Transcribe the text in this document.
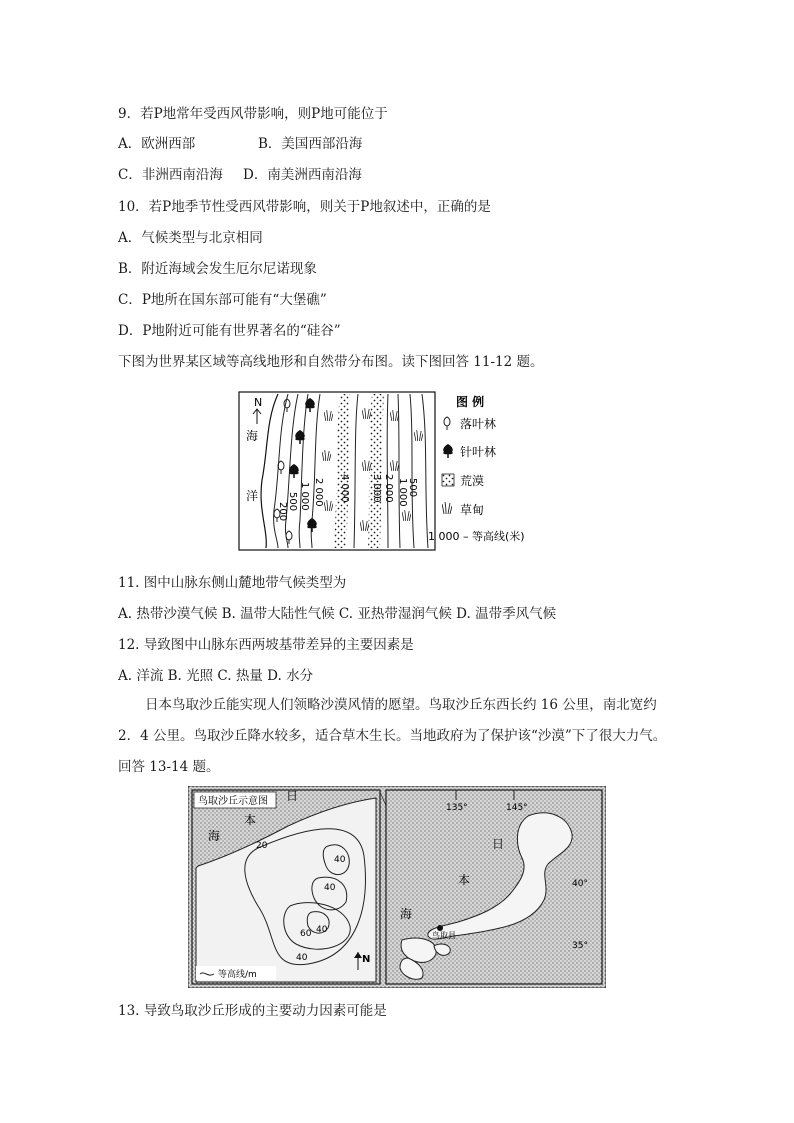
9．若P地常年受西风带影响，则P地可能位于
A．欧洲西部	B．美国西部沿海
C．非洲西南沿海 D．南美洲西南沿海
10．若P地季节性受西风带影响，则关于P地叙述中，正确的是
A．气候类型与北京相同
B．附近海域会发生厄尔尼诺现象
C．P地所在国东部可能有“大堡礁”
D．P地附近可能有世界著名的“硅谷”
下图为世界某区域等高线地形和自然带分布图。读下图回答 11-12 题。
N
海
洋
200
500 1 000 2 000 4 000 3 000 2 000 1 000 500
图 例
落叶林
针叶林
荒漠
草甸
1 000 – 等高线(米)
11. 图中山脉东侧山麓地带气候类型为
A. 热带沙漠气候 B. 温带大陆性气候 C. 亚热带湿润气候 D. 温带季风气候
12. 导致图中山脉东西两坡基带差异的主要因素是
A. 洋流 B. 光照 C. 热量 D. 水分
日本鸟取沙丘能实现人们领略沙漠风情的愿望。鸟取沙丘东西长约 16 公里，南北宽约 2．4 公里。鸟取沙丘降水较多，适合草木生长。当地政府为了保护该“沙漠”下了很大力气。回答 13-14 题。
鸟取沙丘示意图 日
本
海
20
40
40
60 40
40	N
等高线/m
135°	145°
40°
35°
日
本
海
鸟取县
13. 导致鸟取沙丘形成的主要动力因素可能是
